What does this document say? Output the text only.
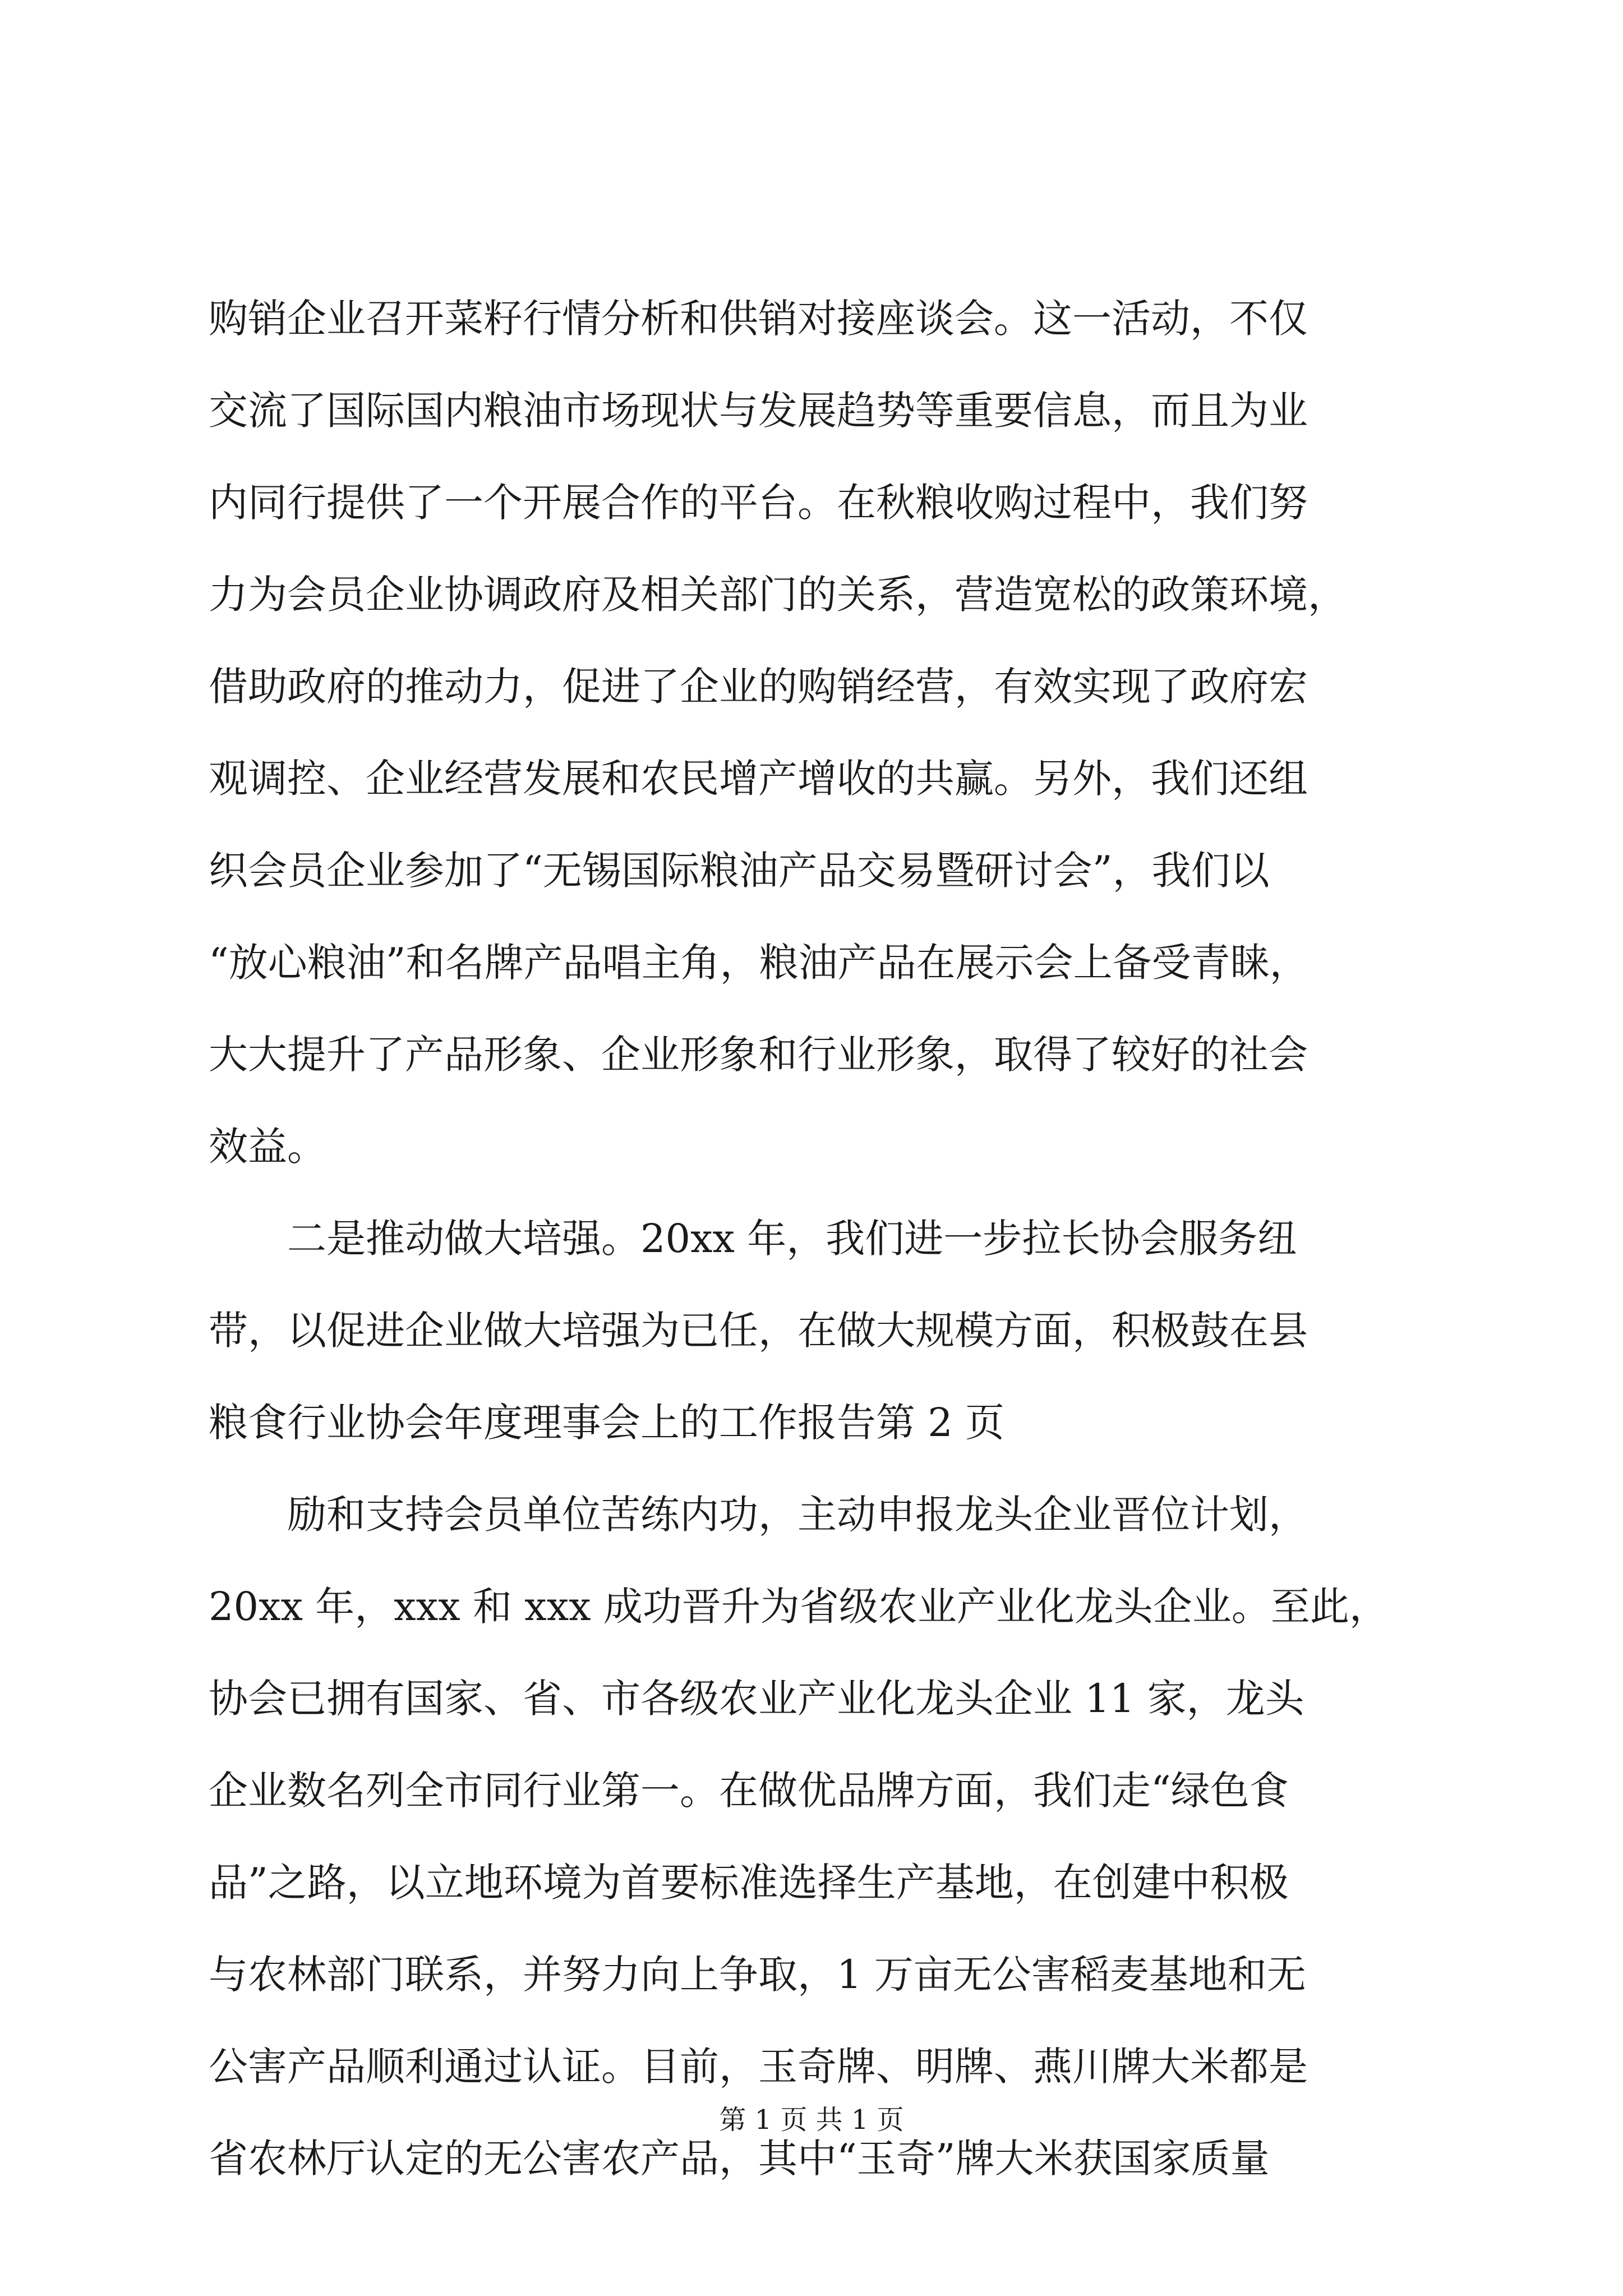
购销企业召开菜籽行情分析和供销对接座谈会。这一活动，不仅
交流了国际国内粮油市场现状与发展趋势等重要信息，而且为业
内同行提供了一个开展合作的平台。在秋粮收购过程中，我们努
力为会员企业协调政府及相关部门的关系，营造宽松的政策环境，
借助政府的推动力，促进了企业的购销经营，有效实现了政府宏
观调控、企业经营发展和农民增产增收的共赢。另外，我们还组
织会员企业参加了“无锡国际粮油产品交易暨研讨会”，我们以
“放心粮油”和名牌产品唱主角，粮油产品在展示会上备受青睐，
大大提升了产品形象、企业形象和行业形象，取得了较好的社会
效益。
　　二是推动做大培强。20xx 年，我们进一步拉长协会服务纽
带，以促进企业做大培强为已任，在做大规模方面，积极鼓在县
粮食行业协会年度理事会上的工作报告第 2 页
　　励和支持会员单位苦练内功，主动申报龙头企业晋位计划，
20xx 年，xxx 和 xxx 成功晋升为省级农业产业化龙头企业。至此，
协会已拥有国家、省、市各级农业产业化龙头企业 11 家，龙头
企业数名列全市同行业第一。在做优品牌方面，我们走“绿色食
品”之路，以立地环境为首要标准选择生产基地，在创建中积极
与农林部门联系，并努力向上争取，1 万亩无公害稻麦基地和无
公害产品顺利通过认证。目前，玉奇牌、明牌、燕川牌大米都是
省农林厅认定的无公害农产品，其中“玉奇”牌大米获国家质量
第 1 页 共 1 页
